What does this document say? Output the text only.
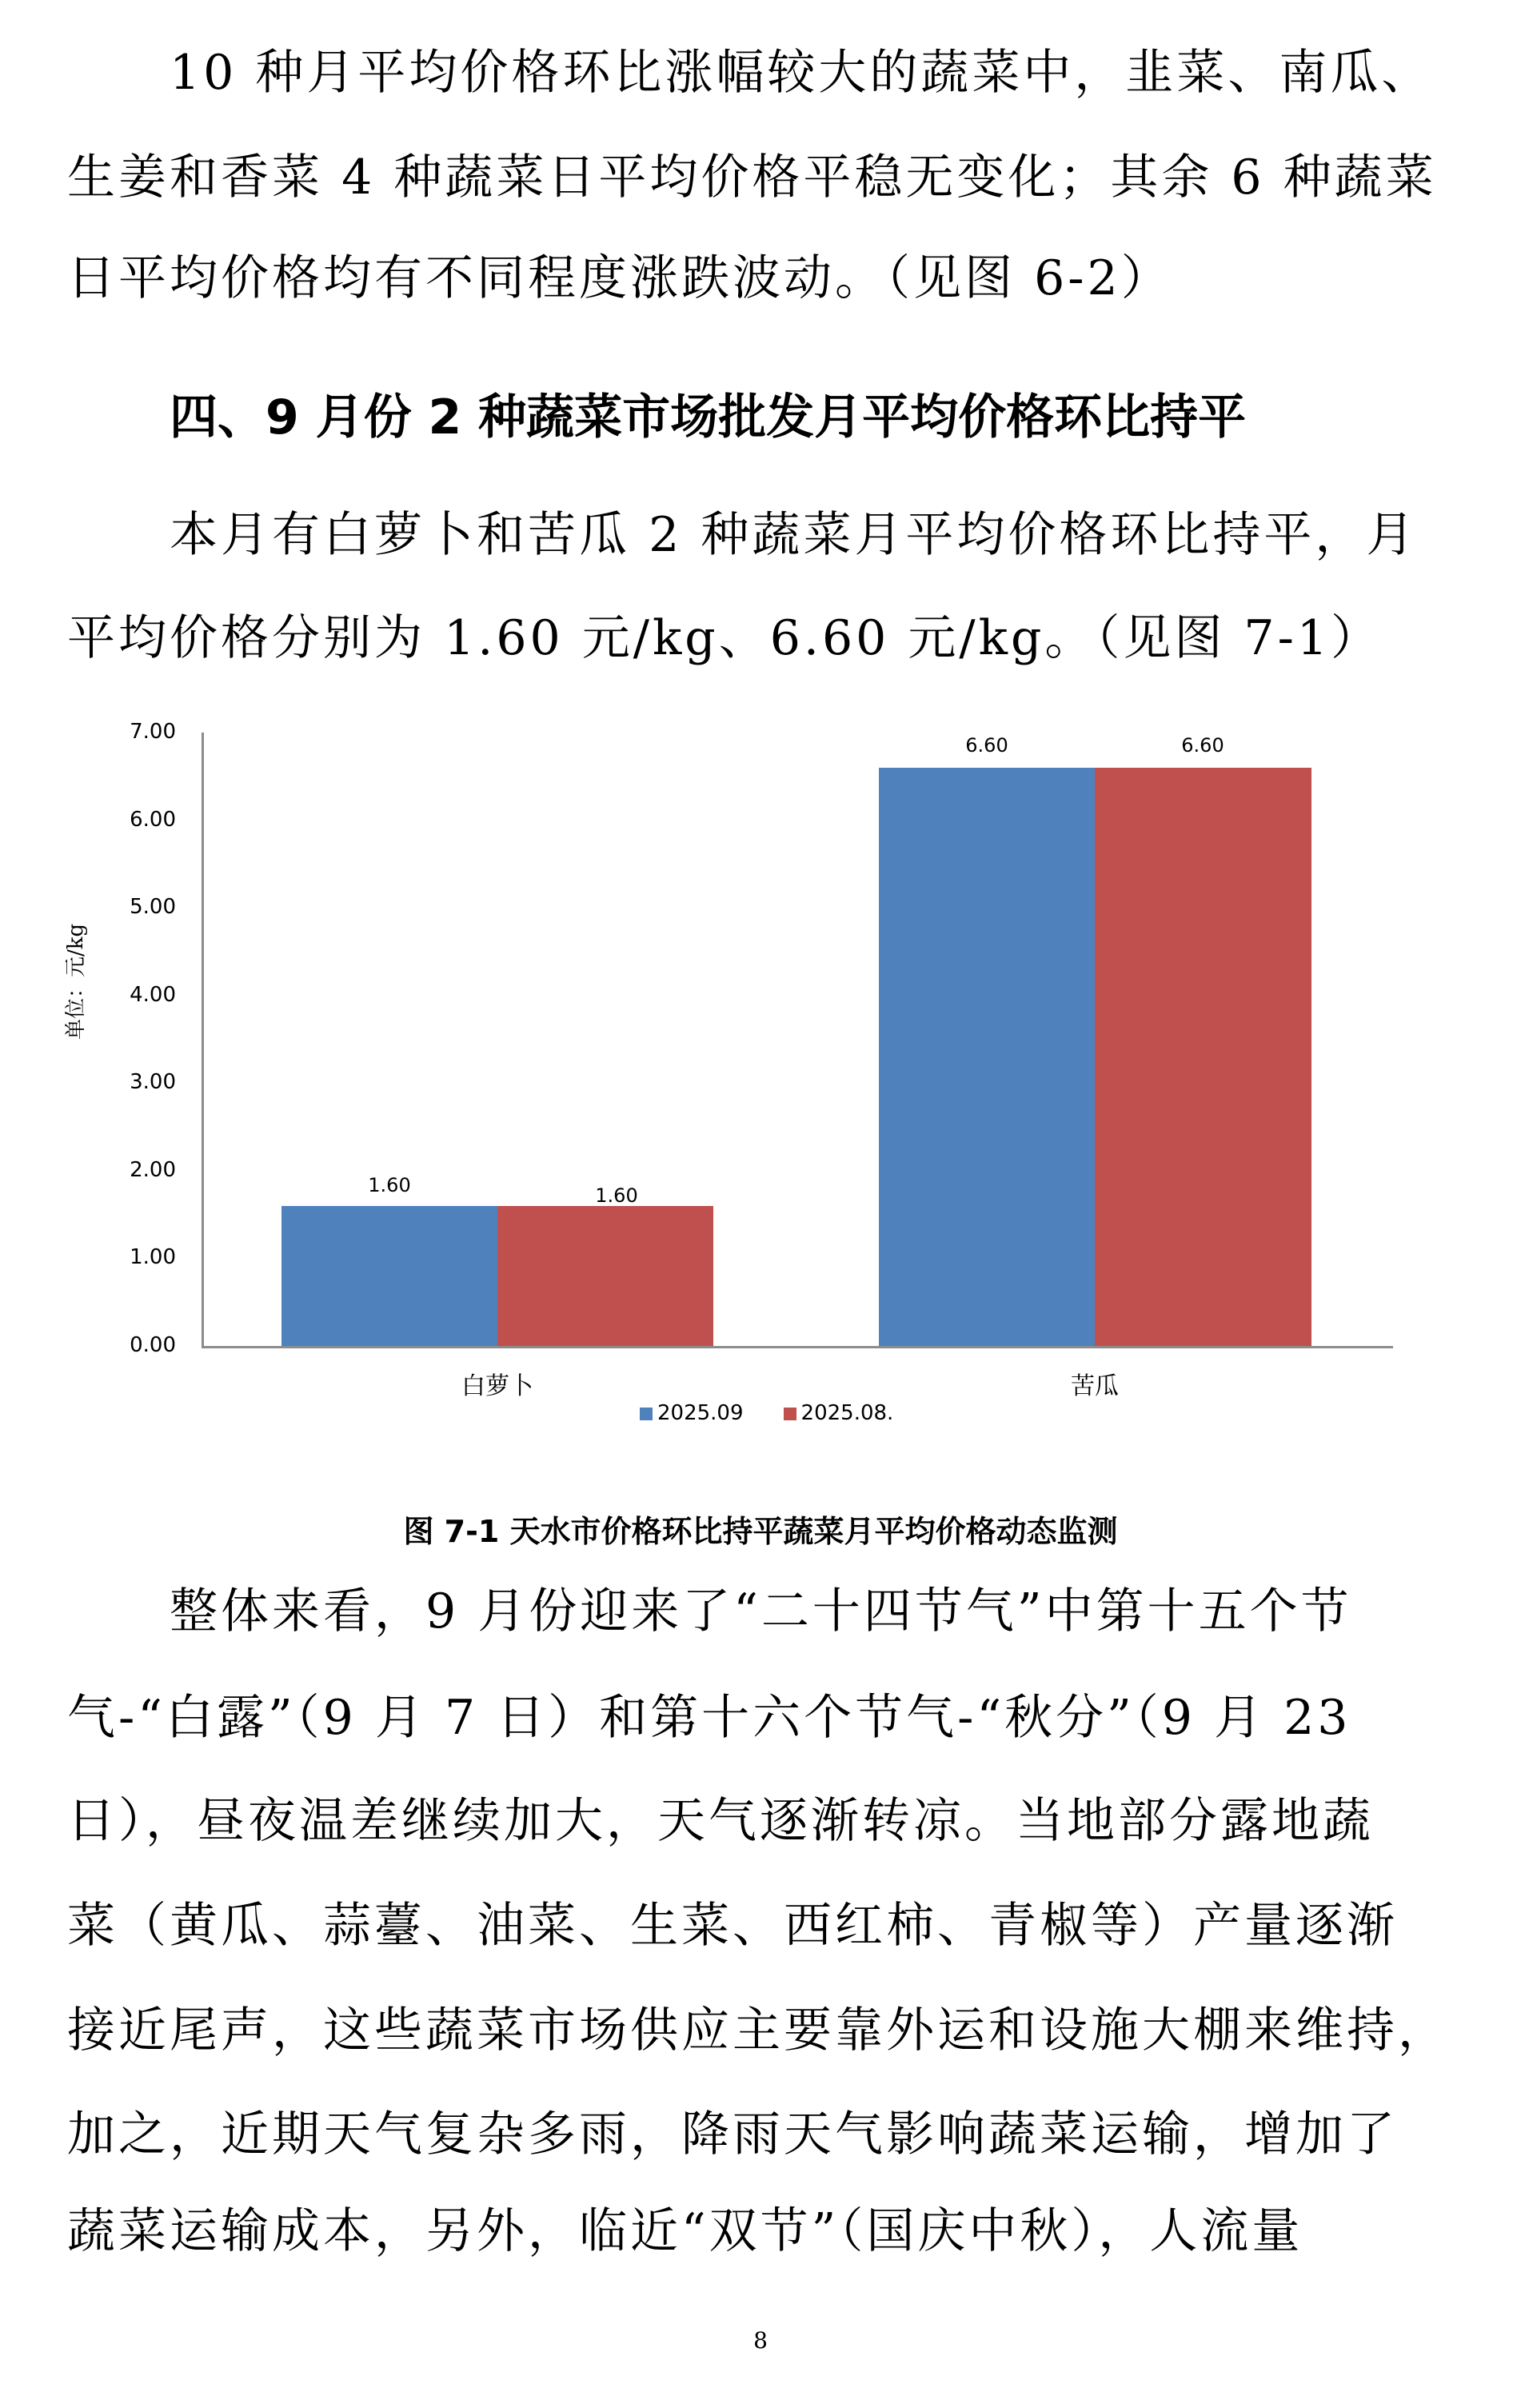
10 种月平均价格环比涨幅较大的蔬菜中，韭菜、南瓜、
生姜和香菜 4 种蔬菜日平均价格平稳无变化；其余 6 种蔬菜
日平均价格均有不同程度涨跌波动。（见图 6-2）
四、9 月份 2 种蔬菜市场批发月平均价格环比持平
本月有白萝卜和苦瓜 2 种蔬菜月平均价格环比持平，月
平均价格分别为 1.60 元/kg、6.60 元/kg。（见图 7-1）
0.00
1.00
2.00
3.00
4.00
5.00
6.00
7.00
单位：元/kg
1.60	1.60
6.60	6.60
白萝卜	苦瓜
2025.09	2025.08.
图 7-1 天水市价格环比持平蔬菜月平均价格动态监测
整体来看，9 月份迎来了“二十四节气”中第十五个节
气-“白露”（9 月 7 日）和第十六个节气-“秋分”（9 月 23
日），昼夜温差继续加大，天气逐渐转凉。当地部分露地蔬
菜（黄瓜、蒜薹、油菜、生菜、西红柿、青椒等）产量逐渐
接近尾声，这些蔬菜市场供应主要靠外运和设施大棚来维持，
加之，近期天气复杂多雨，降雨天气影响蔬菜运输，增加了
蔬菜运输成本，另外，临近“双节”（国庆中秋），人流量
8
